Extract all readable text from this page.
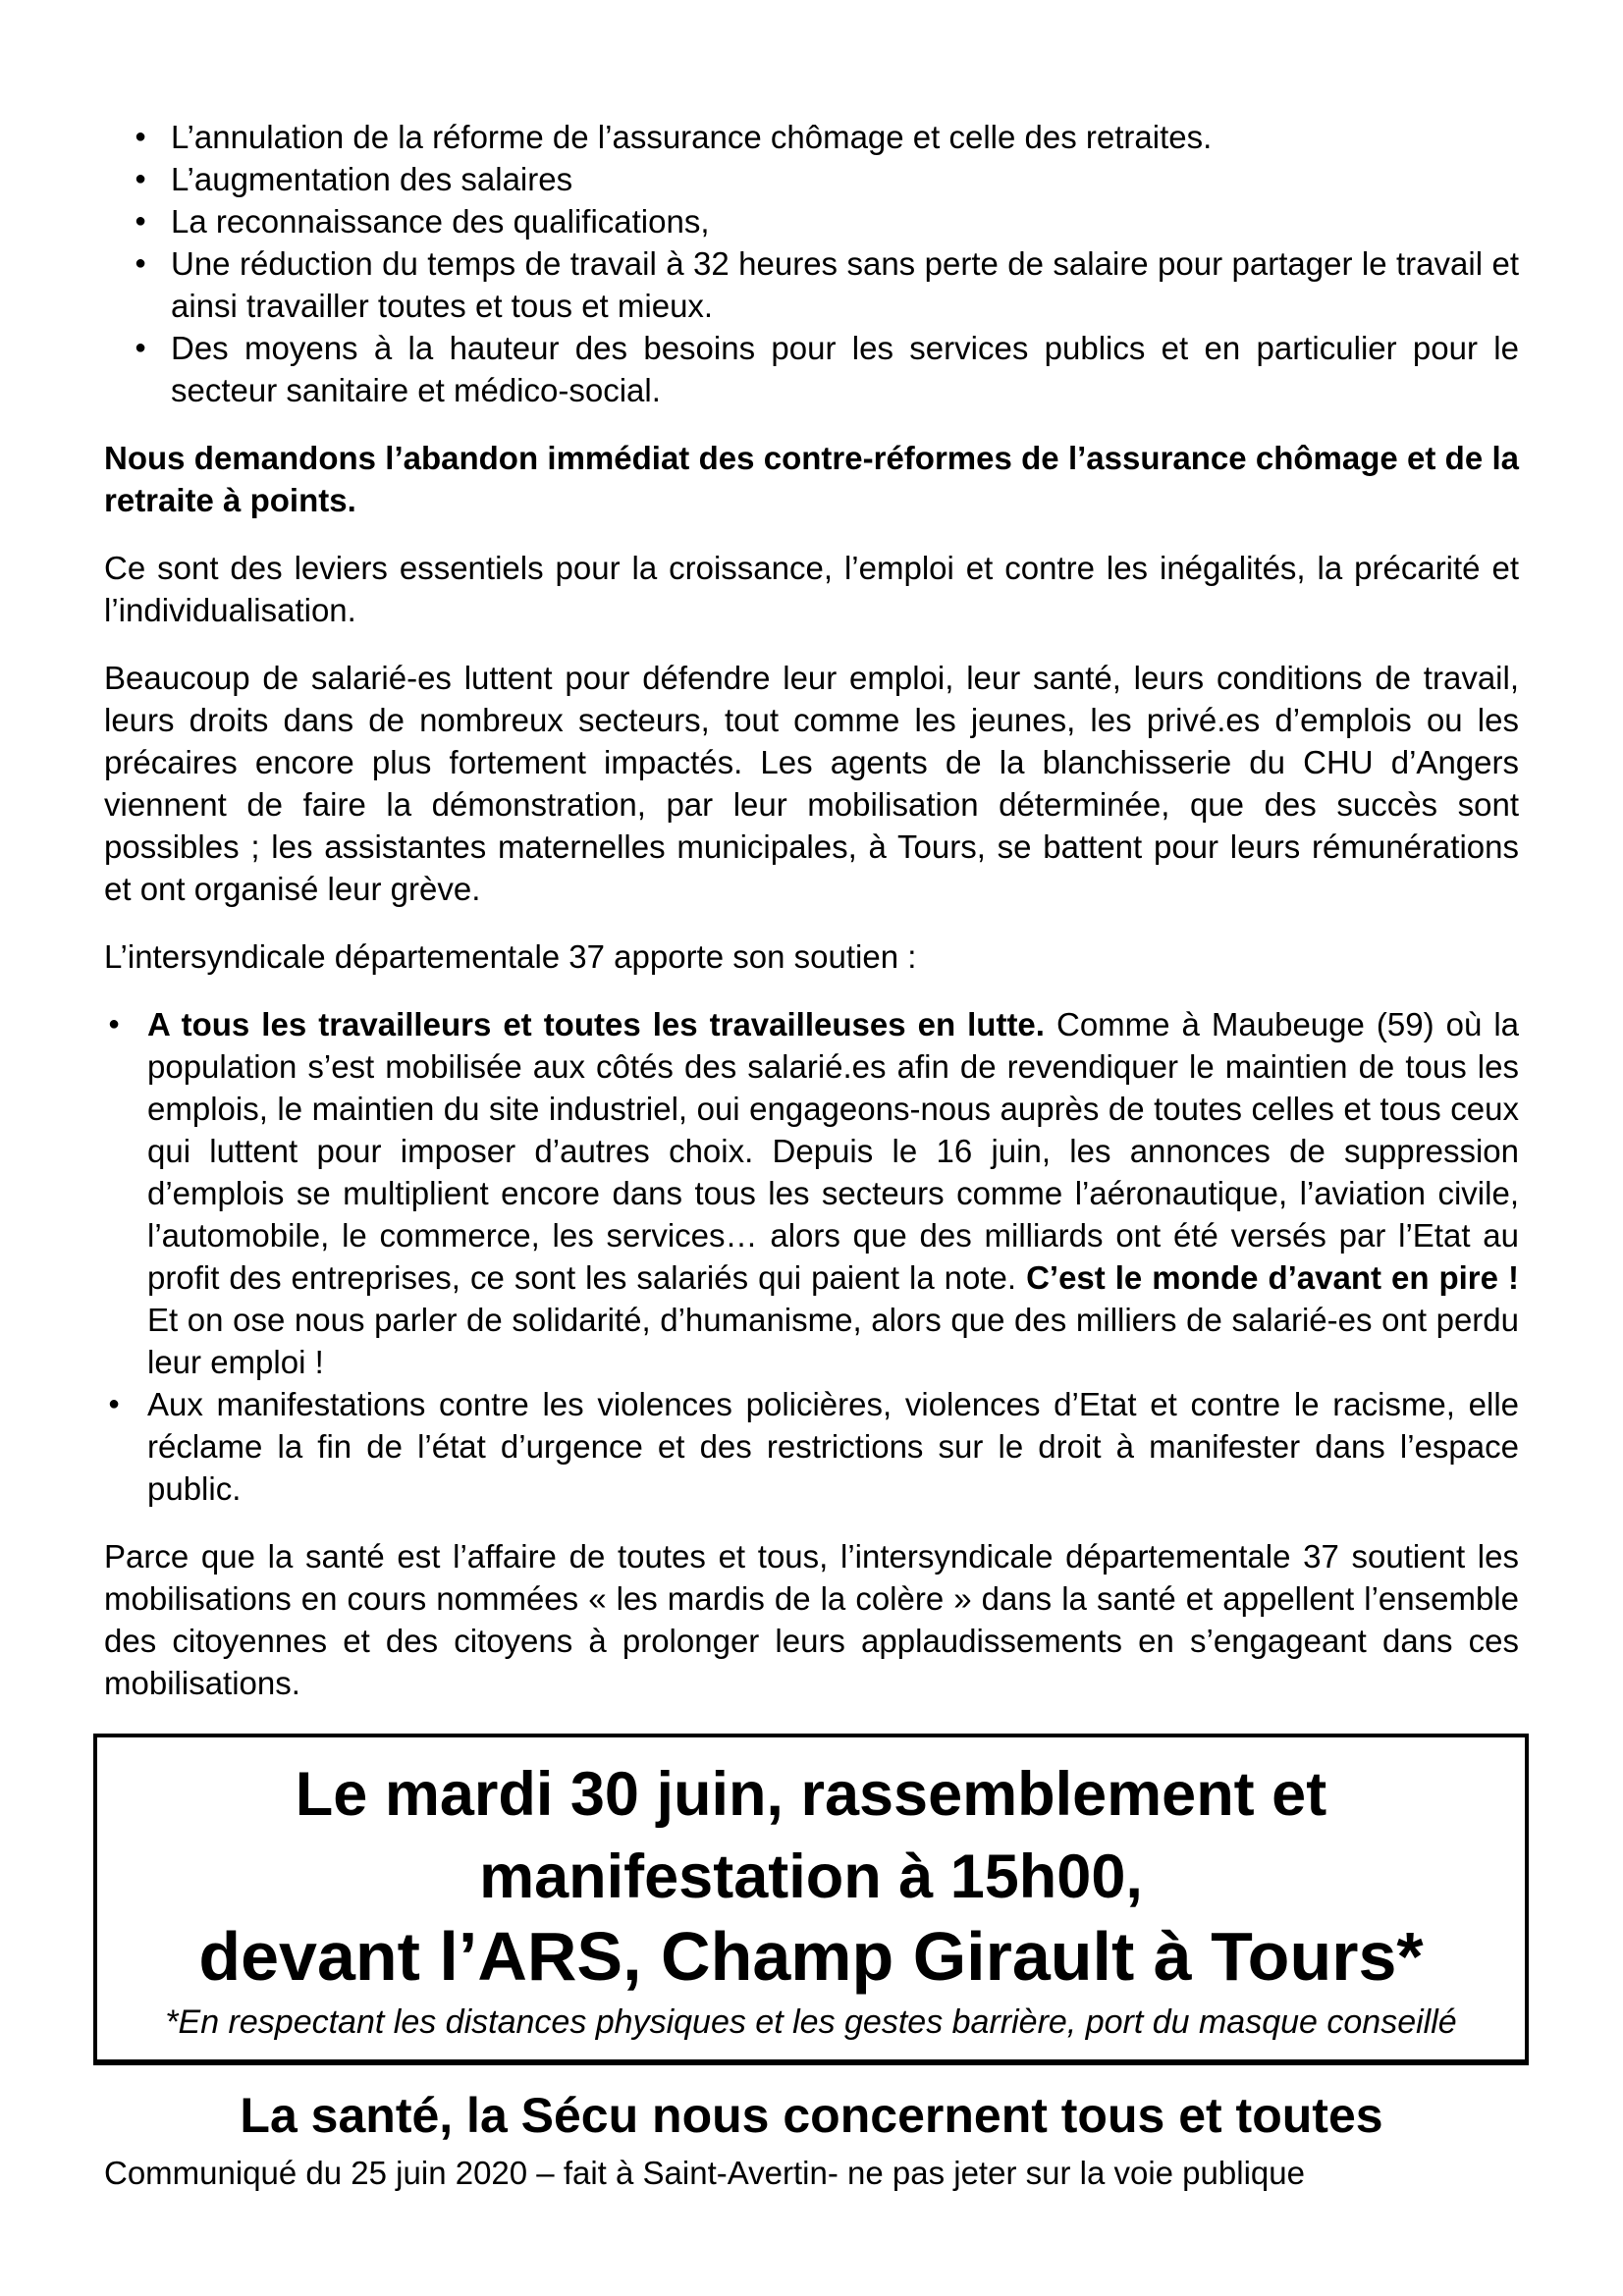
● L’annulation de la réforme de l’assurance chômage et celle des retraites.
● L’augmentation des salaires
● La reconnaissance des qualifications,
● Une réduction du temps de travail à 32 heures sans perte de salaire pour partager le travail et ainsi travailler toutes et tous et mieux.
● Des moyens à la hauteur des besoins pour les services publics et en particulier pour le secteur sanitaire et médico-social.

Nous demandons l’abandon immédiat des contre-réformes de l’assurance chômage et de la retraite à points.

Ce sont des leviers essentiels pour la croissance, l’emploi et contre les inégalités, la précarité et l’individualisation.

Beaucoup de salarié-es luttent pour défendre leur emploi, leur santé, leurs conditions de travail, leurs droits dans de nombreux secteurs, tout comme les jeunes, les privé.es d’emplois ou les précaires encore plus fortement impactés. Les agents de la blanchisserie du CHU d’Angers viennent de faire la démonstration, par leur mobilisation déterminée, que des succès sont possibles ; les assistantes maternelles municipales, à Tours, se battent pour leurs rémunérations et ont organisé leur grève.

L’intersyndicale départementale 37 apporte son soutien :

● A tous les travailleurs et toutes les travailleuses en lutte. Comme à Maubeuge (59) où la population s’est mobilisée aux côtés des salarié.es afin de revendiquer le maintien de tous les emplois, le maintien du site industriel, oui engageons-nous auprès de toutes celles et tous ceux qui luttent pour imposer d’autres choix. Depuis le 16 juin, les annonces de suppression d’emplois se multiplient encore dans tous les secteurs comme l’aéronautique, l’aviation civile, l’automobile, le commerce, les services… alors que des milliards ont été versés par l’Etat au profit des entreprises, ce sont les salariés qui paient la note. C’est le monde d’avant en pire ! Et on ose nous parler de solidarité, d’humanisme, alors que des milliers de salarié-es ont perdu leur emploi !
● Aux manifestations contre les violences policières, violences d’Etat et contre le racisme, elle réclame la fin de l’état d’urgence et des restrictions sur le droit à manifester dans l’espace public.

Parce que la santé est l’affaire de toutes et tous, l’intersyndicale départementale 37 soutient les mobilisations en cours nommées « les mardis de la colère » dans la santé et appellent l’ensemble des citoyennes et des citoyens à prolonger leurs applaudissements en s’engageant dans ces mobilisations.

Le mardi 30 juin, rassemblement et
manifestation à 15h00,
devant l’ARS, Champ Girault à Tours*
*En respectant les distances physiques et les gestes barrière, port du masque conseillé
La santé, la Sécu nous concernent tous et toutes
Communiqué du 25 juin 2020 – fait à Saint-Avertin- ne pas jeter sur la voie publique
